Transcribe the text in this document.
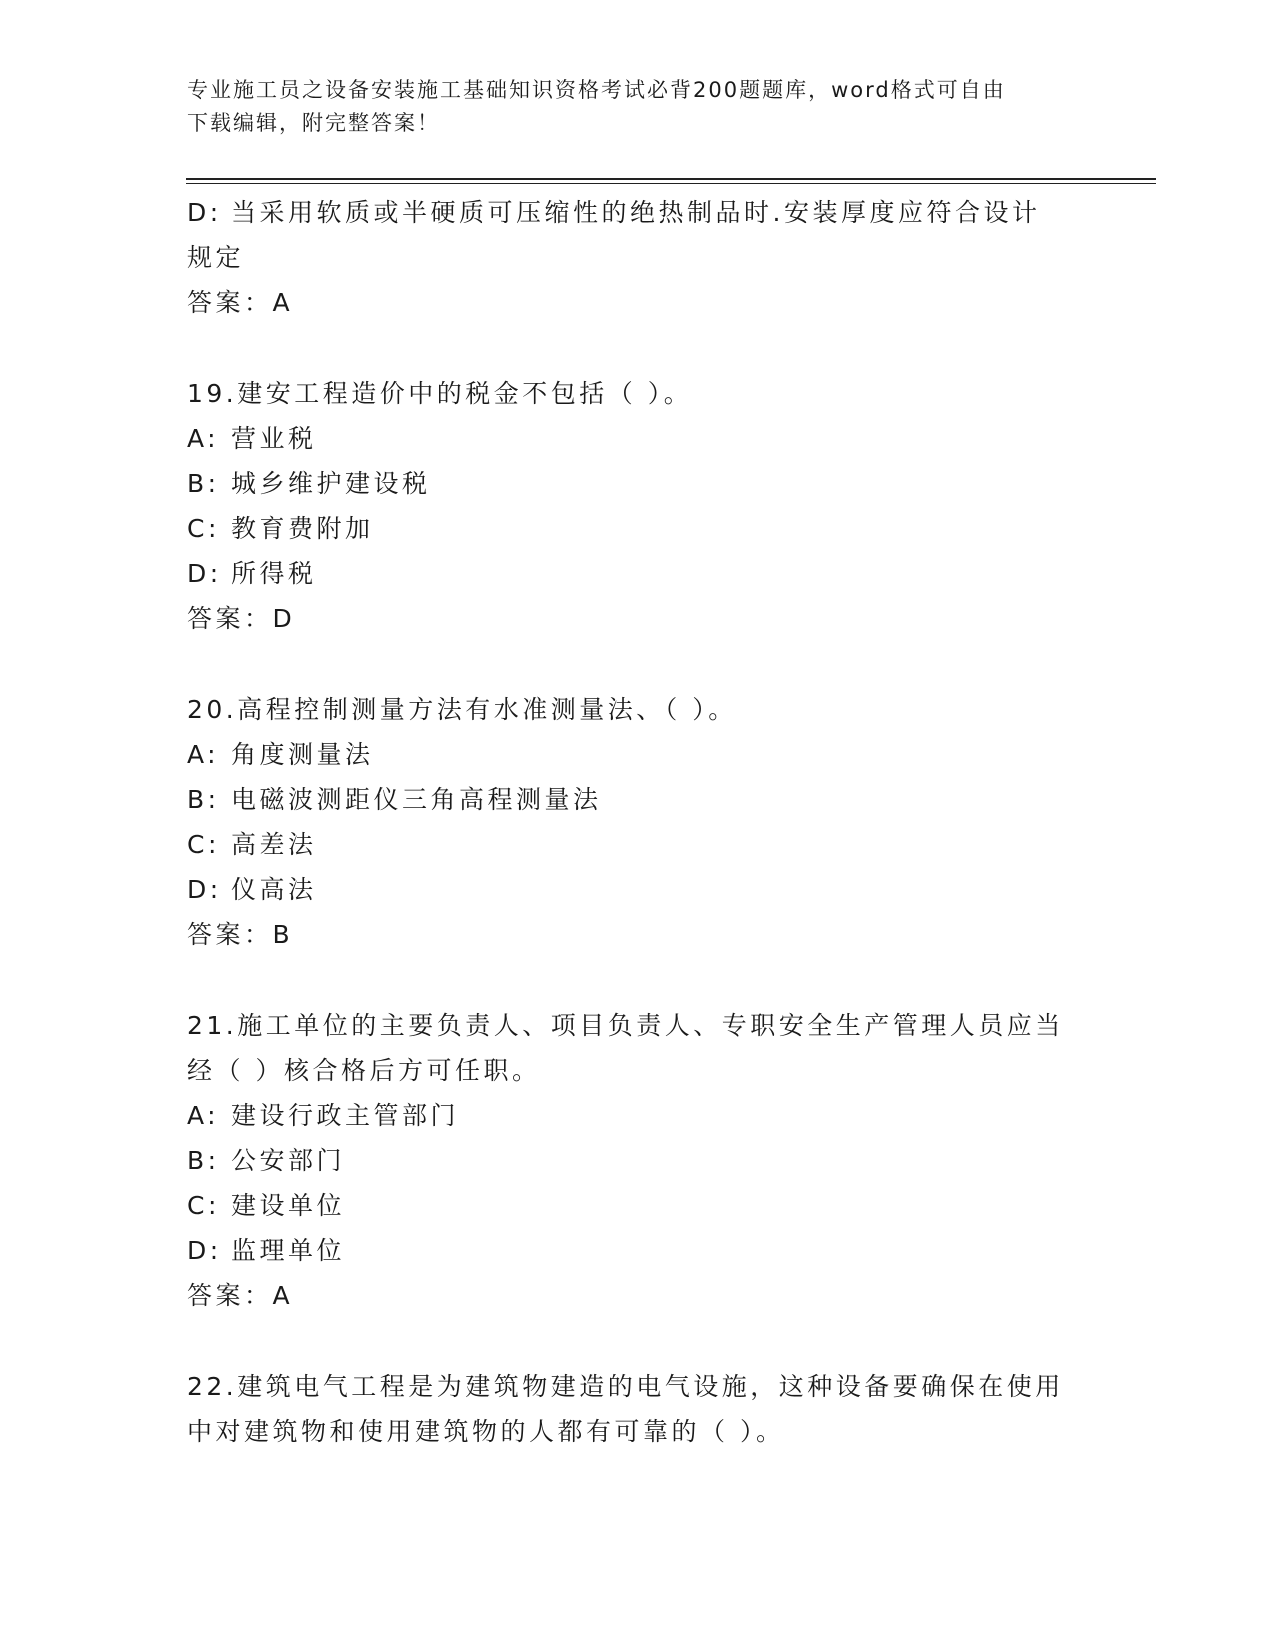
专业施工员之设备安装施工基础知识资格考试必背200题题库，word格式可自由
下载编辑，附完整答案！
D: 当采用软质或半硬质可压缩性的绝热制品时.安装厚度应符合设计
规定
答案：A
19.建安工程造价中的税金不包括（ ）。
A: 营业税
B: 城乡维护建设税
C: 教育费附加
D: 所得税
答案：D
20.高程控制测量方法有水准测量法、（ ）。
A: 角度测量法
B: 电磁波测距仪三角高程测量法
C: 高差法
D: 仪高法
答案：B
21.施工单位的主要负责人、项目负责人、专职安全生产管理人员应当
经（ ）核合格后方可任职。
A: 建设行政主管部门
B: 公安部门
C: 建设单位
D: 监理单位
答案：A
22.建筑电气工程是为建筑物建造的电气设施，这种设备要确保在使用
中对建筑物和使用建筑物的人都有可靠的（ ）。
